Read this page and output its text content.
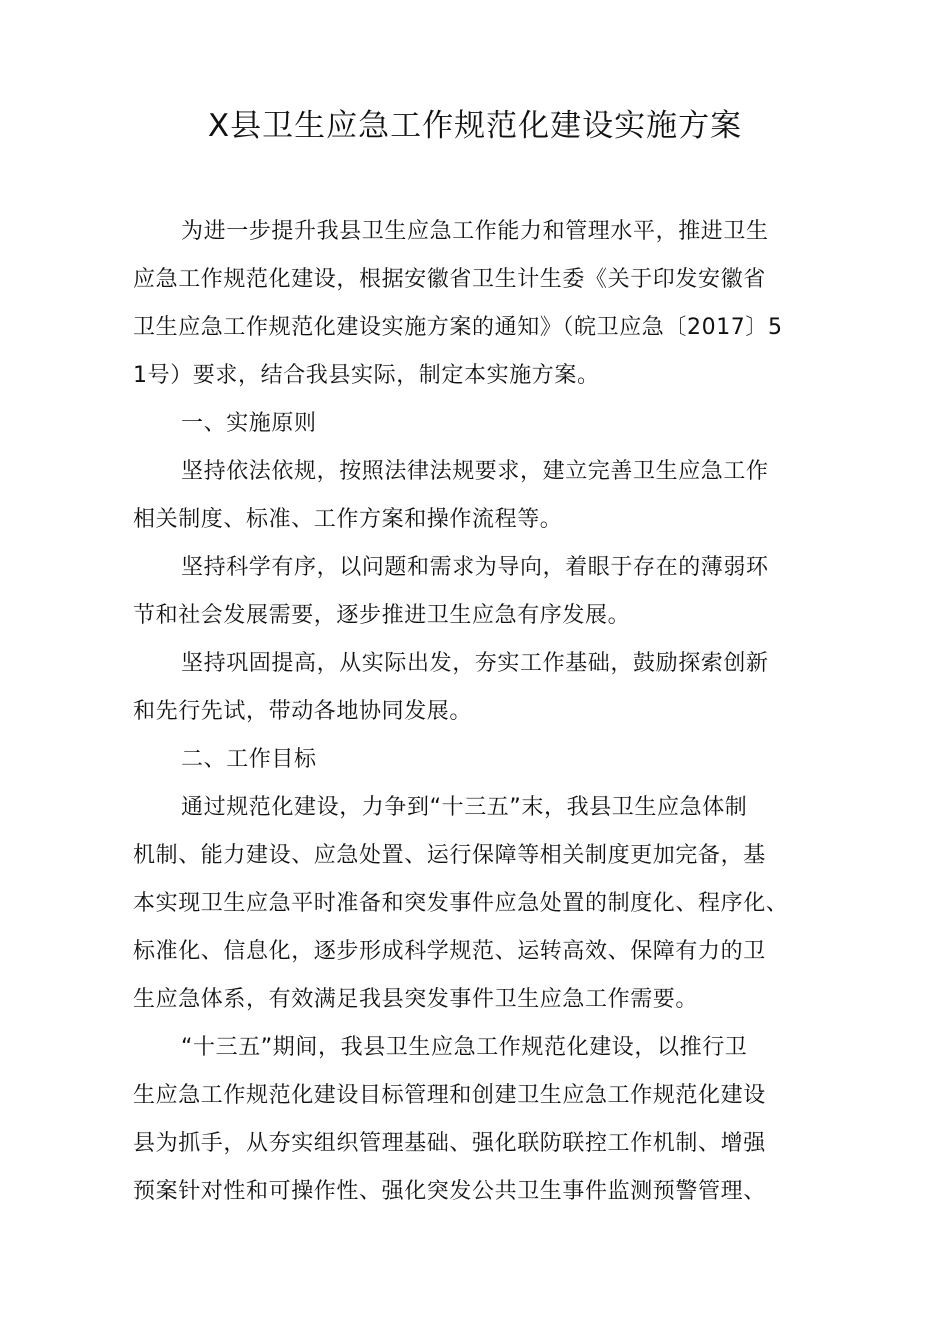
X县卫生应急工作规范化建设实施方案
为进一步提升我县卫生应急工作能力和管理水平，推进卫生
应急工作规范化建设，根据安徽省卫生计生委《关于印发安徽省
卫生应急工作规范化建设实施方案的通知》（皖卫应急〔2017〕5
1号）要求，结合我县实际，制定本实施方案。
一、实施原则
坚持依法依规，按照法律法规要求，建立完善卫生应急工作
相关制度、标准、工作方案和操作流程等。
坚持科学有序，以问题和需求为导向，着眼于存在的薄弱环
节和社会发展需要，逐步推进卫生应急有序发展。
坚持巩固提高，从实际出发，夯实工作基础，鼓励探索创新
和先行先试，带动各地协同发展。
二、工作目标
通过规范化建设，力争到“十三五”末，我县卫生应急体制
机制、能力建设、应急处置、运行保障等相关制度更加完备，基
本实现卫生应急平时准备和突发事件应急处置的制度化、程序化、
标准化、信息化，逐步形成科学规范、运转高效、保障有力的卫
生应急体系，有效满足我县突发事件卫生应急工作需要。
“十三五”期间，我县卫生应急工作规范化建设，以推行卫
生应急工作规范化建设目标管理和创建卫生应急工作规范化建设
县为抓手，从夯实组织管理基础、强化联防联控工作机制、增强
预案针对性和可操作性、强化突发公共卫生事件监测预警管理、
